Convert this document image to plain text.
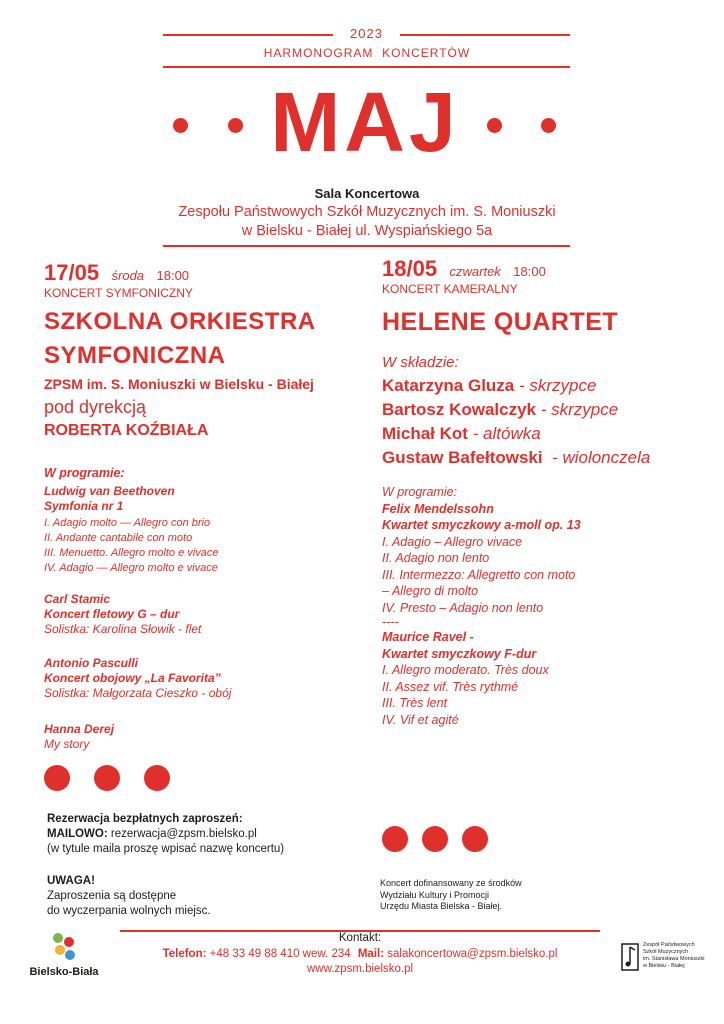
2023
HARMONOGRAM  KONCERTÓW
MAJ
Sala Koncertowa
Zespołu Państwowych Szkół Muzycznych im. S. Moniuszki
w Bielsku - Białej ul. Wyspiańskiego 5a
17/05 środa 18:00
KONCERT SYMFONICZNY
SZKOLNA ORKIESTRA
SYMFONICZNA
ZPSM im. S. Moniuszki w Bielsku - Białej
pod dyrekcją
ROBERTA KOŹBIAŁA
W programie:
Ludwig van Beethoven
Symfonia nr 1
I. Adagio molto — Allegro con brio
II. Andante cantabile con moto
III. Menuetto. Allegro molto e vivace
IV. Adagio — Allegro molto e vivace
Carl Stamic
Koncert fletowy G – dur
Solistka: Karolina Słowik - flet
Antonio Pasculli
Koncert obojowy „La Favorita”
Solistka: Małgorzata Cieszko - obój
Hanna Derej
My story
18/05 czwartek 18:00
KONCERT KAMERALNY
HELENE QUARTET
W składzie:
Katarzyna Gluza - skrzypce
Bartosz Kowalczyk - skrzypce
Michał Kot - altówka
Gustaw Bafełtowski  - wiolonczela
W programie:
Felix Mendelssohn
Kwartet smyczkowy a-moll op. 13
I. Adagio – Allegro vivace
II. Adagio non lento
III. Intermezzo: Allegretto con moto
– Allegro di molto
IV. Presto – Adagio non lento
----
Maurice Ravel -
Kwartet smyczkowy F-dur
I. Allegro moderato. Très doux
II. Assez vif. Très rythmé
III. Très lent
IV. Vif et agité
Rezerwacja bezpłatnych zaproszeń:
MAILOWO: rezerwacja@zpsm.bielsko.pl
(w tytule maila proszę wpisać nazwę koncertu)
UWAGA!
Zaproszenia są dostępne
do wyczerpania wolnych miejsc.
Koncert dofinansowany ze środków
Wydziału Kultury i Promocji
Urzędu Miasta Bielska - Białej.
Kontakt:
Telefon: +48 33 49 88 410 wew. 234 Mail: salakoncertowa@zpsm.bielsko.pl
www.zpsm.bielsko.pl
Bielsko-Biała
Zespół Państwowych
Szkół Muzycznych
im. Stanisława Moniuszki
w Bielsku - Białej
